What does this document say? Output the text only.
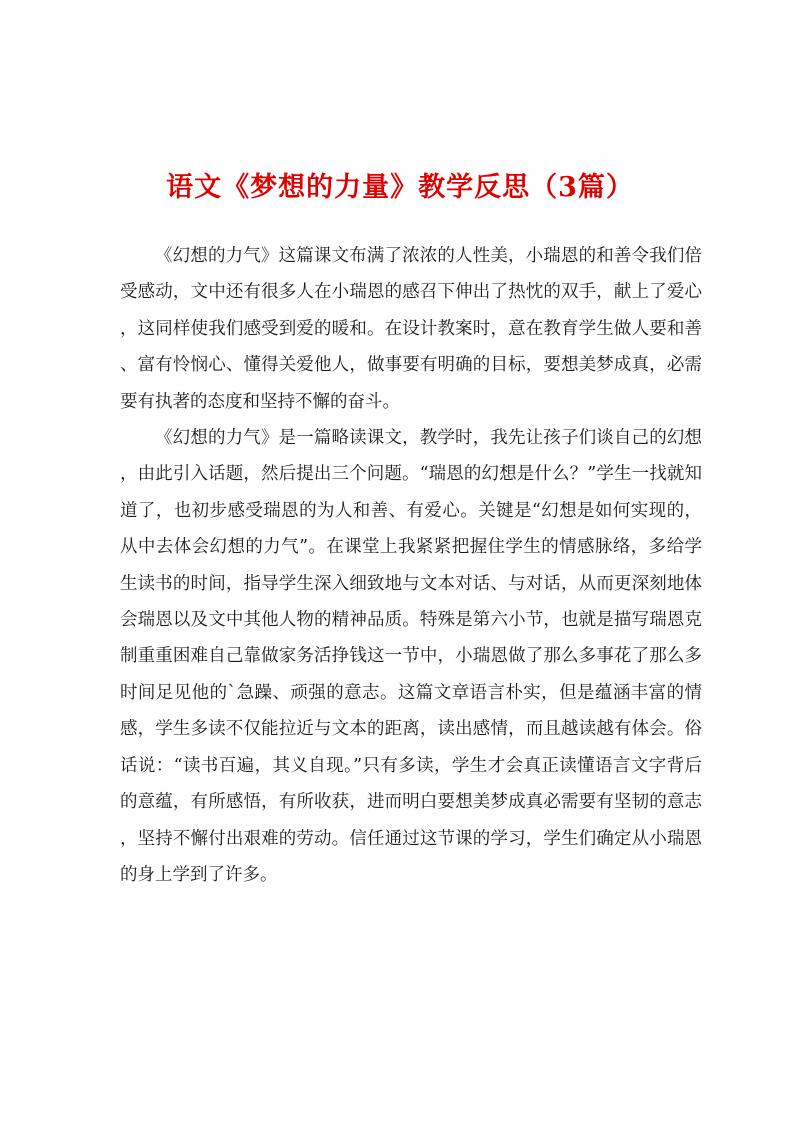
语文《梦想的力量》教学反思（3篇）

《幻想的力气》这篇课文布满了浓浓的人性美，小瑞恩的和善令我们倍受感动，文中还有很多人在小瑞恩的感召下伸出了热忱的双手，献上了爱心，这同样使我们感受到爱的暖和。在设计教案时，意在教育学生做人要和善、富有怜悯心、懂得关爱他人，做事要有明确的目标，要想美梦成真，必需要有执著的态度和坚持不懈的奋斗。

《幻想的力气》是一篇略读课文，教学时，我先让孩子们谈自己的幻想，由此引入话题，然后提出三个问题。“瑞恩的幻想是什么？”学生一找就知道了，也初步感受瑞恩的为人和善、有爱心。关键是“幻想是如何实现的，从中去体会幻想的力气”。在课堂上我紧紧把握住学生的情感脉络，多给学生读书的时间，指导学生深入细致地与文本对话、与对话，从而更深刻地体会瑞恩以及文中其他人物的精神品质。特殊是第六小节，也就是描写瑞恩克制重重困难自己靠做家务活挣钱这一节中，小瑞恩做了那么多事花了那么多时间足见他的`急躁、顽强的意志。这篇文章语言朴实，但是蕴涵丰富的情感，学生多读不仅能拉近与文本的距离，读出感情，而且越读越有体会。俗话说：“读书百遍，其义自现。”只有多读，学生才会真正读懂语言文字背后的意蕴，有所感悟，有所收获，进而明白要想美梦成真必需要有坚韧的意志，坚持不懈付出艰难的劳动。信任通过这节课的学习，学生们确定从小瑞恩的身上学到了许多。
